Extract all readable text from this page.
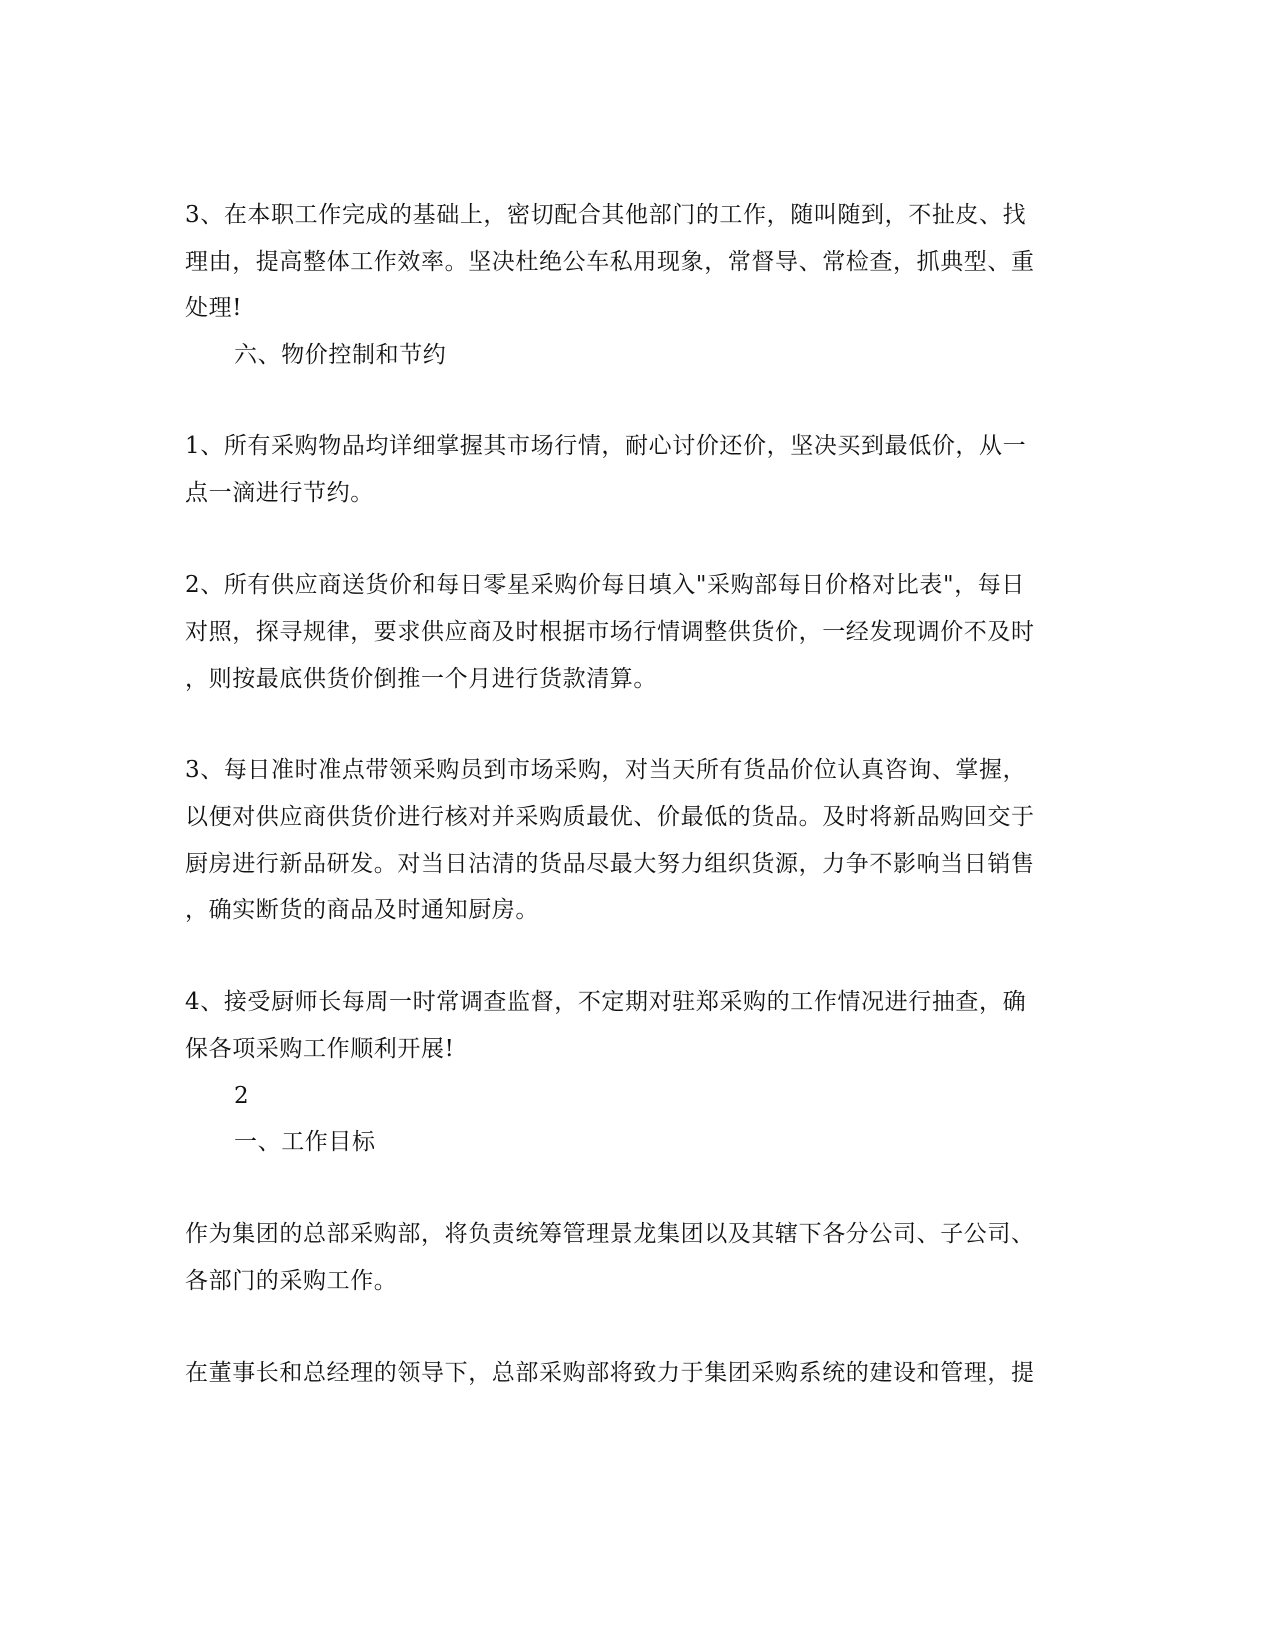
3、在本职工作完成的基础上，密切配合其他部门的工作，随叫随到，不扯皮、找
理由，提高整体工作效率。坚决杜绝公车私用现象，常督导、常检查，抓典型、重
处理!
六、物价控制和节约
1、所有采购物品均详细掌握其市场行情，耐心讨价还价，坚决买到最低价，从一
点一滴进行节约。
2、所有供应商送货价和每日零星采购价每日填入"采购部每日价格对比表"，每日
对照，探寻规律，要求供应商及时根据市场行情调整供货价，一经发现调价不及时
，则按最底供货价倒推一个月进行货款清算。
3、每日准时准点带领采购员到市场采购，对当天所有货品价位认真咨询、掌握，
以便对供应商供货价进行核对并采购质最优、价最低的货品。及时将新品购回交于
厨房进行新品研发。对当日沽清的货品尽最大努力组织货源，力争不影响当日销售
，确实断货的商品及时通知厨房。
4、接受厨师长每周一时常调查监督，不定期对驻郑采购的工作情况进行抽查，确
保各项采购工作顺利开展!
2
一、工作目标
作为集团的总部采购部，将负责统筹管理景龙集团以及其辖下各分公司、子公司、
各部门的采购工作。
在董事长和总经理的领导下，总部采购部将致力于集团采购系统的建设和管理，提
